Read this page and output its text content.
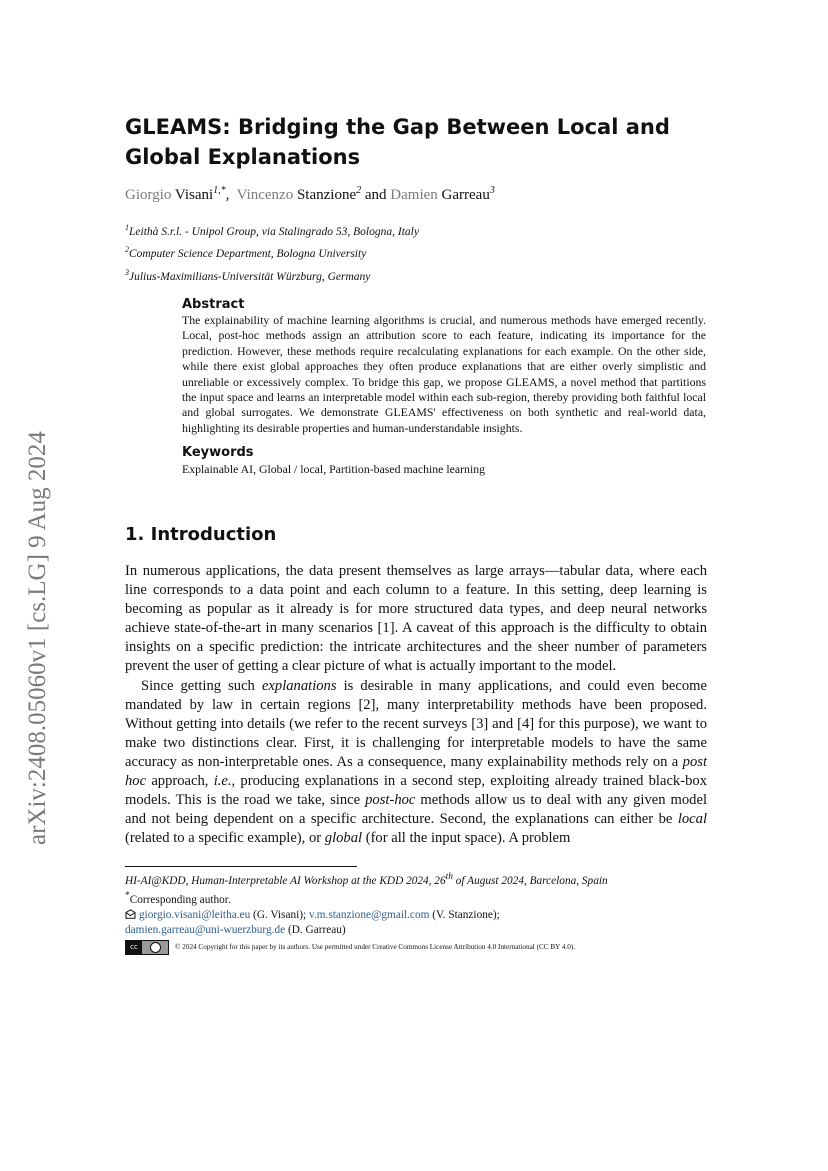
arXiv:2408.05060v1 [cs.LG] 9 Aug 2024
GLEAMS: Bridging the Gap Between Local and Global Explanations
Giorgio Visani$^{1,*}$, Vincenzo Stanzione$^2$ and Damien Garreau$^3$
$^1$Leithà S.r.l. - Unipol Group, via Stalingrado 53, Bologna, Italy
$^2$Computer Science Department, Bologna University
$^3$Julius-Maximilians-Universität Würzburg, Germany
Abstract

The explainability of machine learning algorithms is crucial, and numerous methods have emerged recently. Local, post-hoc methods assign an attribution score to each feature, indicating its importance for the prediction. However, these methods require recalculating explanations for each example. On the other side, while there exist global approaches they often produce explanations that are either overly simplistic and unreliable or excessively complex. To bridge this gap, we propose GLEAMS, a novel method that partitions the input space and learns an interpretable model within each sub-region, thereby providing both faithful local and global surrogates. We demonstrate GLEAMS' effectiveness on both synthetic and real-world data, highlighting its desirable properties and human-understandable insights.

Keywords
Explainable AI, Global / local, Partition-based machine learning
1. Introduction

In numerous applications, the data present themselves as large arrays—tabular data, where each line corresponds to a data point and each column to a feature. In this setting, deep learning is becoming as popular as it already is for more structured data types, and deep neural networks achieve state-of-the-art in many scenarios [1]. A caveat of this approach is the difficulty to obtain insights on a specific prediction: the intricate architectures and the sheer number of parameters prevent the user of getting a clear picture of what is actually important to the model.

Since getting such explanations is desirable in many applications, and could even become mandated by law in certain regions [2], many interpretability methods have been proposed. Without getting into details (we refer to the recent surveys [3] and [4] for this purpose), we want to make two distinctions clear. First, it is challenging for interpretable models to have the same accuracy as non-interpretable ones. As a consequence, many explainability methods rely on a post hoc approach, i.e., producing explanations in a second step, exploiting already trained black-box models. This is the road we take, since post-hoc methods allow us to deal with any given model and not being dependent on a specific architecture. Second, the explanations can either be local (related to a specific example), or global (for all the input space). A problem

HI-AI@KDD, Human-Interpretable AI Workshop at the KDD 2024, 26th of August 2024, Barcelona, Spain
*Corresponding author.
giorgio.visani@leitha.eu (G. Visani); v.m.stanzione@gmail.com (V. Stanzione);
damien.garreau@uni-wuerzburg.de (D. Garreau)
cc	© 2024 Copyright for this paper by its authors. Use permitted under Creative Commons License Attribution 4.0 International (CC BY 4.0).
